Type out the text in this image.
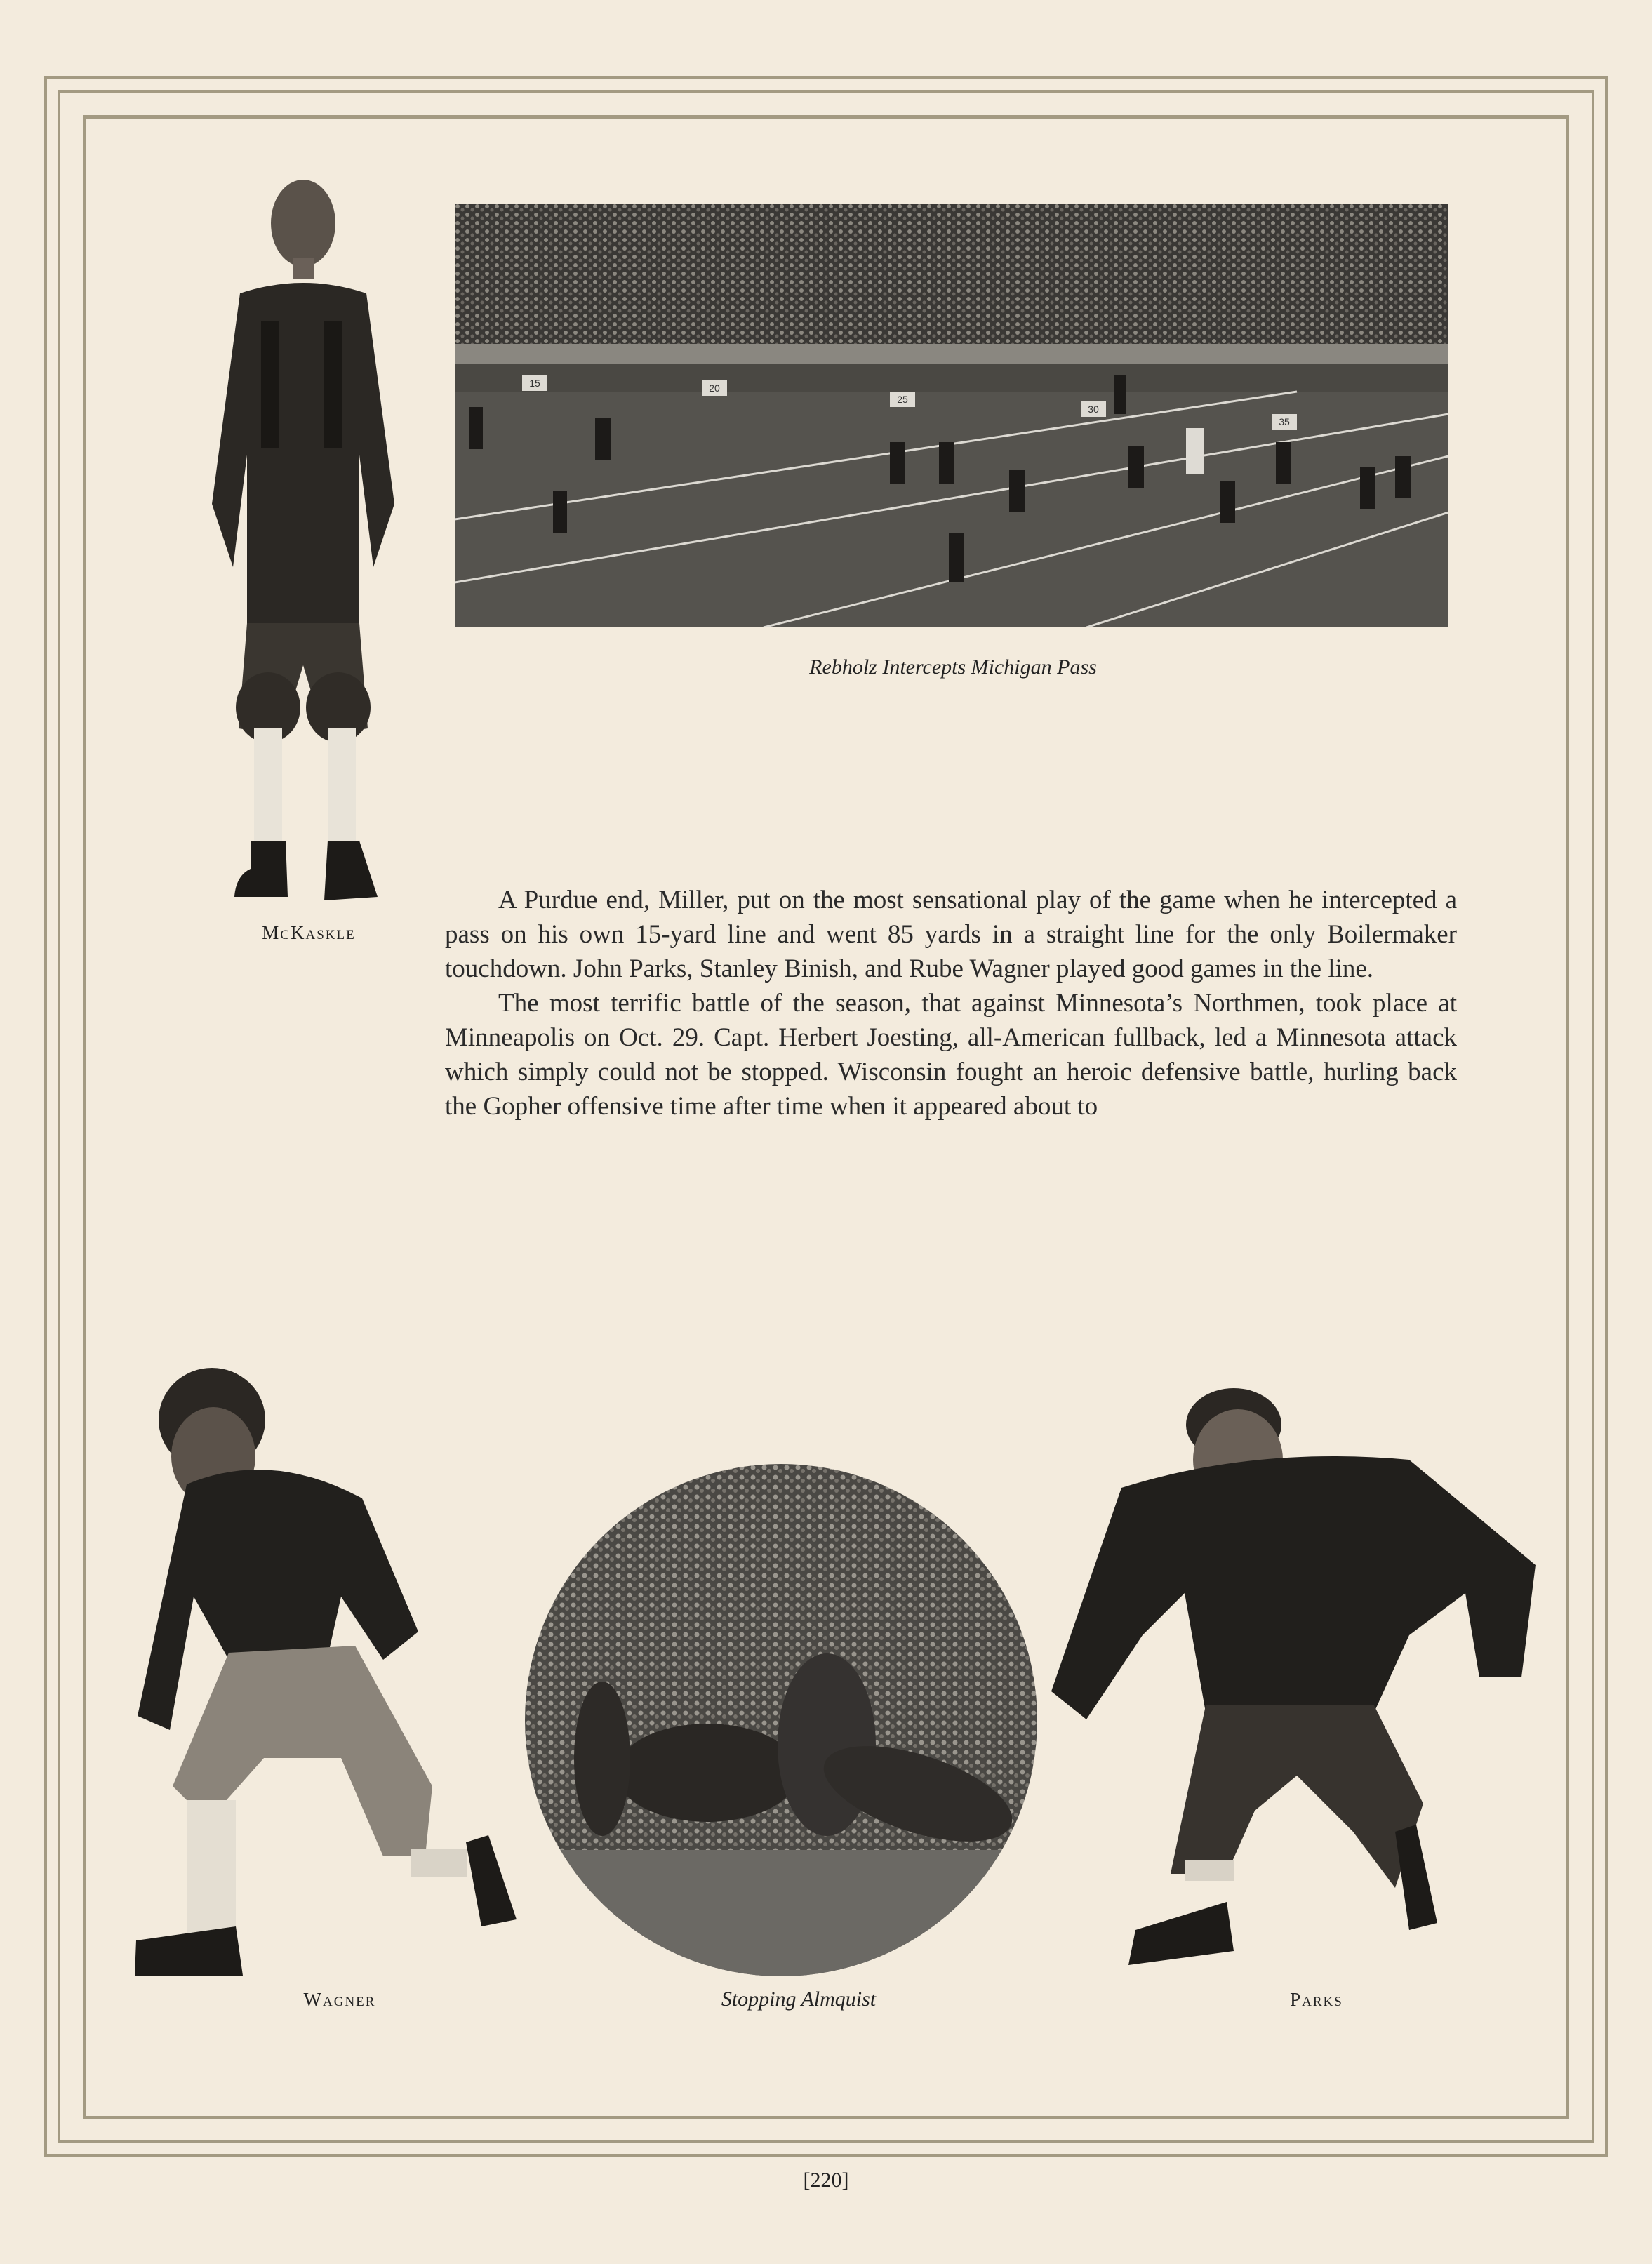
McKaskle
15	20
25
30
35
Rebholz Intercepts Michigan Pass

A Purdue end, Miller, put on the most sensational play of the game when he intercepted a pass on his own 15-yard line and went 85 yards in a straight line for the only Boilermaker touchdown. John Parks, Stanley Binish, and Rube Wagner played good games in the line.

The most terrific battle of the season, that against Minnesota’s Northmen, took place at Minneapolis on Oct. 29. Capt. Herbert Joesting, all-American fullback, led a Minnesota attack which simply could not be stopped. Wisconsin fought an heroic defensive battle, hurling back the Gopher offensive time after time when it appeared about to

Wagner	Stopping Almquist	Parks
[220]
